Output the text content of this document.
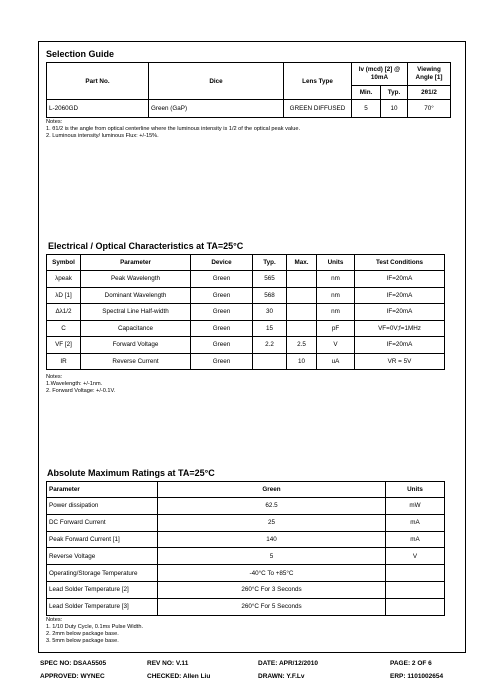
Selection Guide
Part No.	Dice	Lens Type	Iv (mcd) [2] @ 10mA		Viewing Angle [1]
			Min.	Typ.	2θ1/2
L-2060GD	Green (GaP)	GREEN DIFFUSED	5	10	70°
Notes:
1. θ1/2 is the angle from optical centerline where the luminous intensity is 1/2 of the optical peak value.
2. Luminous intensity/ luminous Flux: +/-15%.
Electrical / Optical Characteristics at TA=25°C
Symbol	Parameter	Device	Typ.	Max.	Units	Test Conditions
λpeak	Peak Wavelength	Green	565		nm	IF=20mA
λD [1]	Dominant Wavelength	Green	568		nm	IF=20mA
Δλ1/2	Spectral Line Half-width	Green	30		nm	IF=20mA
C	Capacitance	Green	15		pF	VF=0V;f=1MHz
VF [2]	Forward Voltage	Green	2.2	2.5	V	IF=20mA
IR	Reverse Current	Green		10	uA	VR = 5V
Notes:
1.Wavelength: +/-1nm.
2. Forward Voltage: +/-0.1V.
Absolute Maximum Ratings at TA=25°C
Parameter	Green	Units
Power dissipation	62.5	mW
DC Forward Current	25	mA
Peak Forward Current [1]	140	mA
Reverse Voltage	5	V
Operating/Storage Temperature	-40°C To +85°C	
Lead Solder Temperature [2]	260°C For 3 Seconds	
Lead Solder Temperature [3]	260°C For 5 Seconds	
Notes:
1. 1/10 Duty Cycle, 0.1ms Pulse Width.
2. 2mm below package base.
3. 5mm below package base.
SPEC NO: DSAA5505	REV NO: V.11	DATE: APR/12/2010	PAGE: 2 OF 6
APPROVED: WYNEC	CHECKED: Allen Liu	DRAWN: Y.F.Lv	ERP: 1101002654
